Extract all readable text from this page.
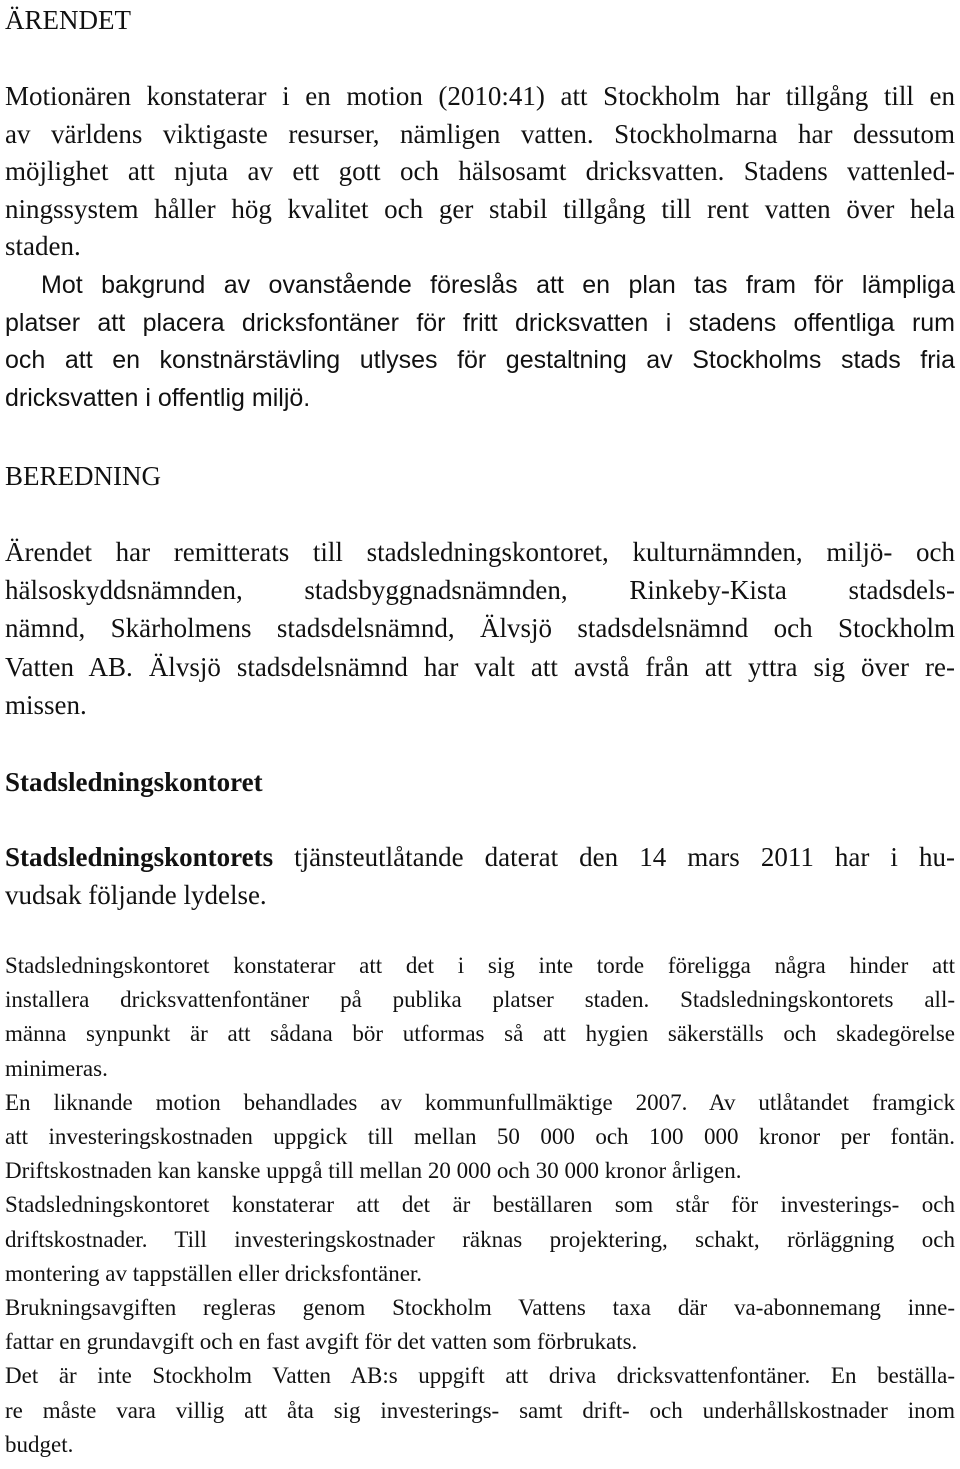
ÄRENDET
Motionären konstaterar i en motion (2010:41) att Stockholm har tillgång till en
av världens viktigaste resurser, nämligen vatten. Stockholmarna har dessutom
möjlighet att njuta av ett gott och hälsosamt dricksvatten. Stadens vattenled-
ningssystem håller hög kvalitet och ger stabil tillgång till rent vatten över hela
staden.
Mot bakgrund av ovanstående föreslås att en plan tas fram för lämpliga
platser att placera dricksfontäner för fritt dricksvatten i stadens offentliga rum
och att en konstnärstävling utlyses för gestaltning av Stockholms stads fria
dricksvatten i offentlig miljö.
BEREDNING
Ärendet har remitterats till stadsledningskontoret, kulturnämnden, miljö- och
hälsoskyddsnämnden, stadsbyggnadsnämnden, Rinkeby-Kista stadsdels-
nämnd, Skärholmens stadsdelsnämnd, Älvsjö stadsdelsnämnd och Stockholm
Vatten AB. Älvsjö stadsdelsnämnd har valt att avstå från att yttra sig över re-
missen.
Stadsledningskontoret
Stadsledningskontorets tjänsteutlåtande daterat den 14 mars 2011 har i hu-
vudsak följande lydelse.
Stadsledningskontoret konstaterar att det i sig inte torde föreligga några hinder att
installera dricksvattenfontäner på publika platser staden. Stadsledningskontorets all-
männa synpunkt är att sådana bör utformas så att hygien säkerställs och skadegörelse
minimeras.
En liknande motion behandlades av kommunfullmäktige 2007. Av utlåtandet framgick
att investeringskostnaden uppgick till mellan 50 000 och 100 000 kronor per fontän.
Driftskostnaden kan kanske uppgå till mellan 20 000 och 30 000 kronor årligen.
Stadsledningskontoret konstaterar att det är beställaren som står för investerings- och
driftskostnader. Till investeringskostnader räknas projektering, schakt, rörläggning och
montering av tappställen eller dricksfontäner.
Brukningsavgiften regleras genom Stockholm Vattens taxa där va-abonnemang inne-
fattar en grundavgift och en fast avgift för det vatten som förbrukats.
Det är inte Stockholm Vatten AB:s uppgift att driva dricksvattenfontäner. En beställa-
re måste vara villig att åta sig investerings- samt drift- och underhållskostnader inom
budget.
